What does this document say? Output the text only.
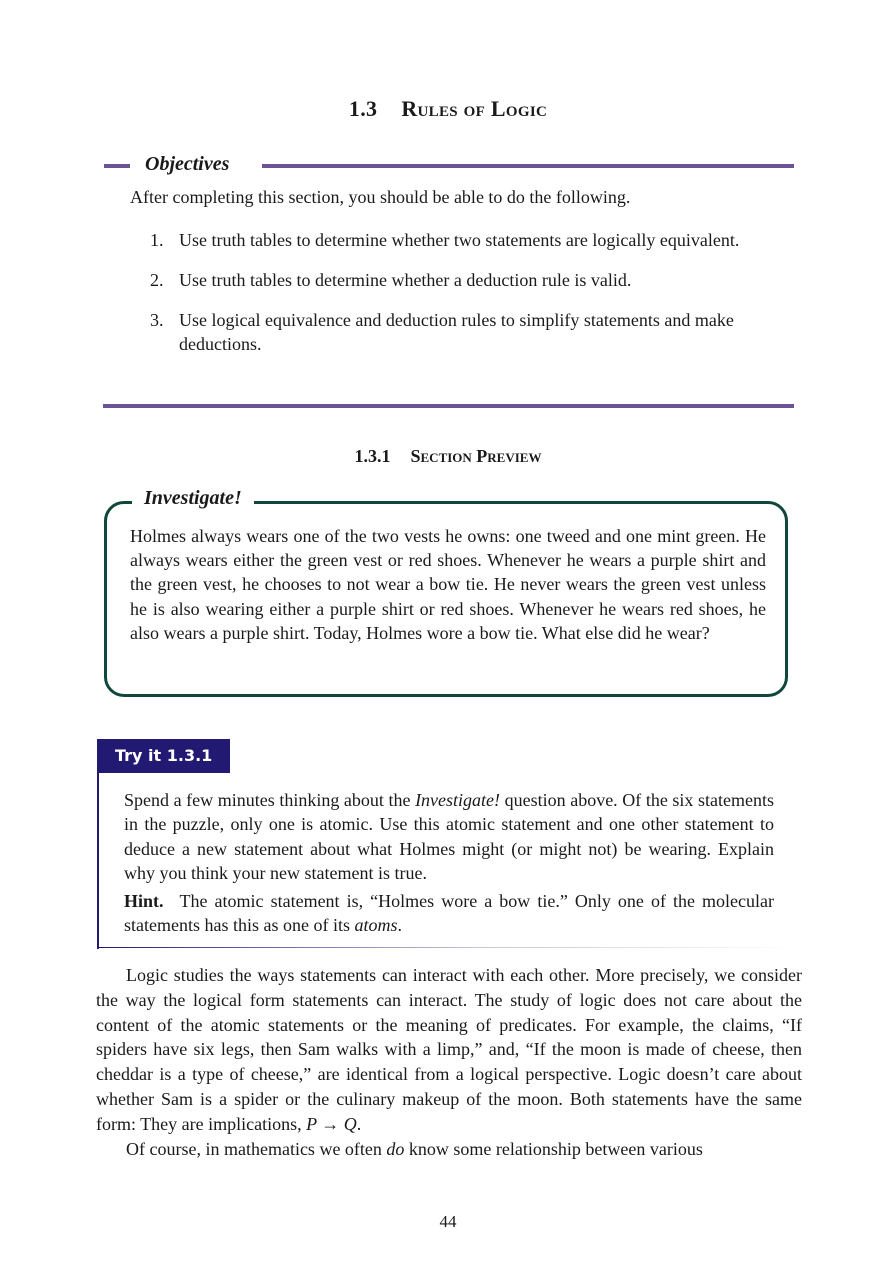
1.3 Rules of Logic
Objectives
After completing this section, you should be able to do the following.
1. Use truth tables to determine whether two statements are logically equivalent.
2. Use truth tables to determine whether a deduction rule is valid.
3. Use logical equivalence and deduction rules to simplify statements and make deductions.
1.3.1 Section Preview
Investigate!
Holmes always wears one of the two vests he owns: one tweed and one mint green. He always wears either the green vest or red shoes. Whenever he wears a purple shirt and the green vest, he chooses to not wear a bow tie. He never wears the green vest unless he is also wearing either a purple shirt or red shoes. Whenever he wears red shoes, he also wears a purple shirt. Today, Holmes wore a bow tie. What else did he wear?
Try it 1.3.1
Spend a few minutes thinking about the Investigate! question above. Of the six statements in the puzzle, only one is atomic. Use this atomic statement and one other statement to deduce a new statement about what Holmes might (or might not) be wearing. Explain why you think your new statement is true.
Hint. The atomic statement is, “Holmes wore a bow tie.” Only one of the molecular statements has this as one of its atoms.

Logic studies the ways statements can interact with each other. More precisely, we consider the way the logical form statements can interact. The study of logic does not care about the content of the atomic statements or the meaning of predicates. For example, the claims, “If spiders have six legs, then Sam walks with a limp,” and, “If the moon is made of cheese, then cheddar is a type of cheese,” are identical from a logical perspective. Logic doesn’t care about whether Sam is a spider or the culinary makeup of the moon. Both statements have the same form: They are implications, P → Q.

Of course, in mathematics we often do know some relationship between various

44
